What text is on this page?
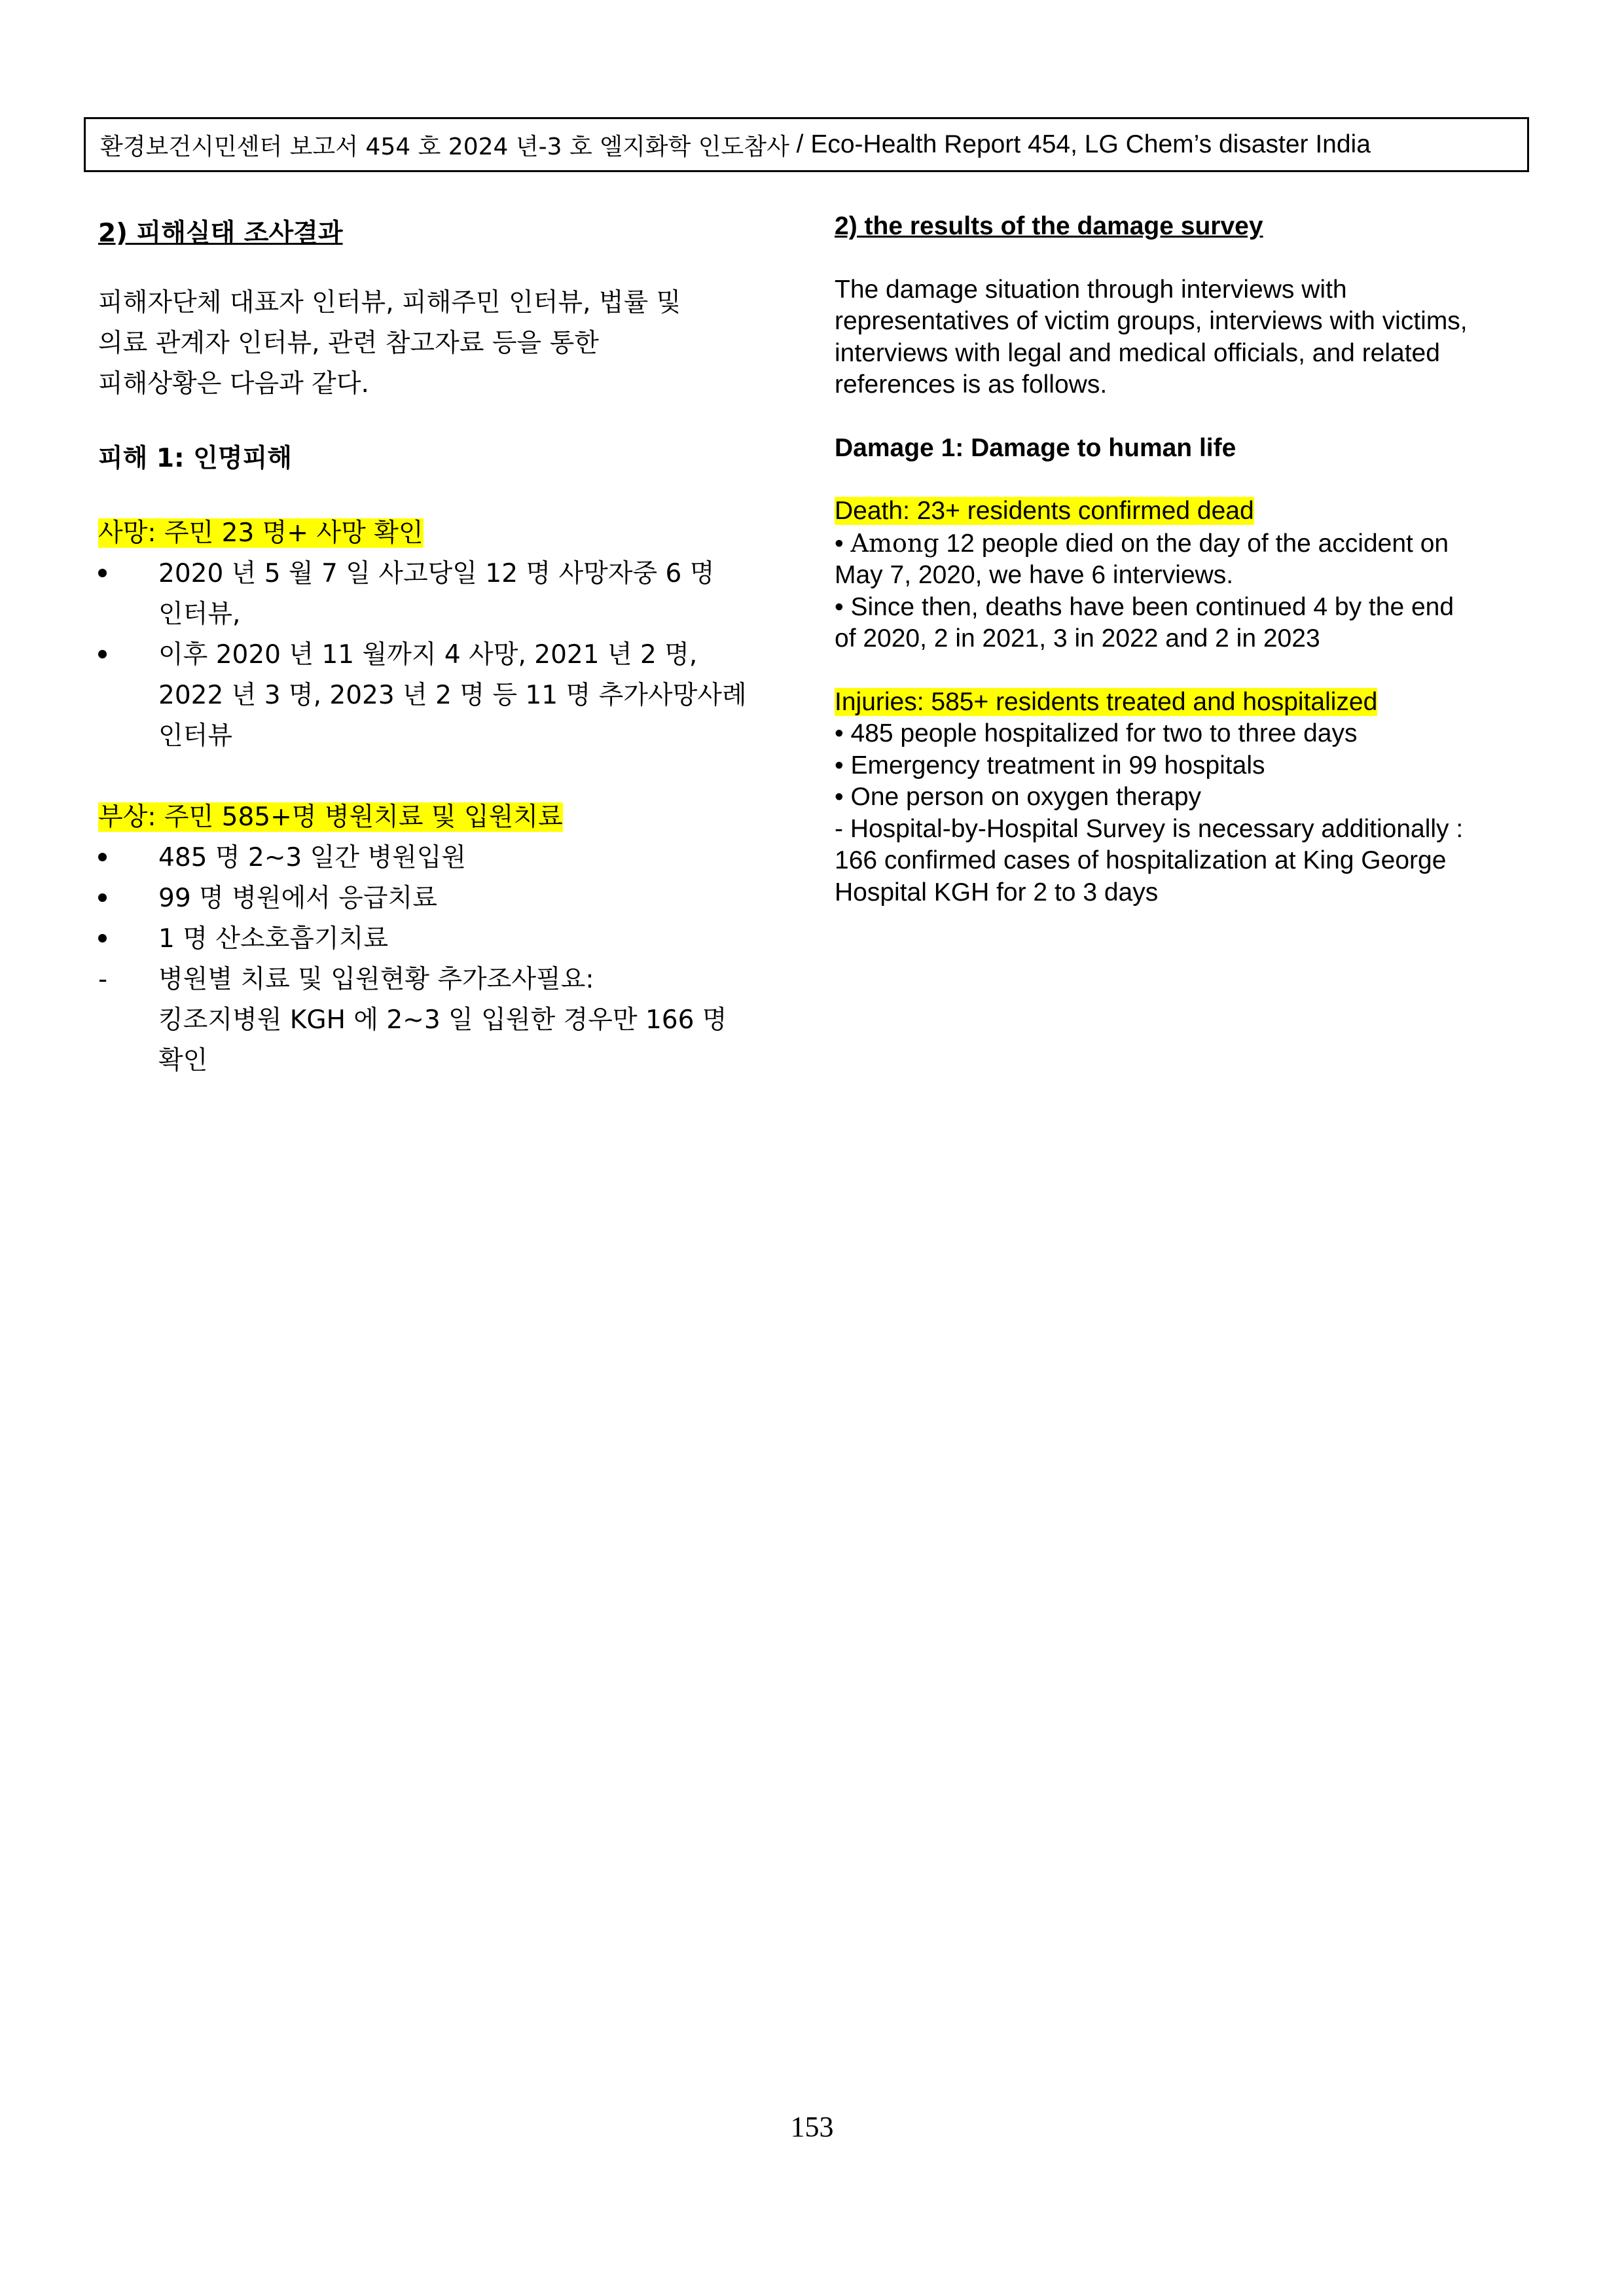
환경보건시민센터 보고서 454 호 2024 년-3 호 엘지화학 인도참사 / Eco-Health Report 454, LG Chem’s disaster India

2) 피해실태 조사결과

피해자단체 대표자 인터뷰, 피해주민 인터뷰, 법률 및

의료 관계자 인터뷰, 관련 참고자료 등을 통한

피해상황은 다음과 같다.

피해 1: 인명피해

사망: 주민 23 명+ 사망 확인

2020 년 5 월 7 일 사고당일 12 명 사망자중 6 명
인터뷰,
이후 2020 년 11 월까지 4 사망, 2021 년 2 명,
2022 년 3 명, 2023 년 2 명 등 11 명 추가사망사례
인터뷰

부상: 주민 585+명 병원치료 및 입원치료

485 명 2~3 일간 병원입원
99 명 병원에서 응급치료
1 명 산소호흡기치료
-	병원별 치료 및 입원현황 추가조사필요:
킹조지병원 KGH 에 2~3 일 입원한 경우만 166 명
확인

2) the results of the damage survey

The damage situation through interviews with

representatives of victim groups, interviews with victims,

interviews with legal and medical officials, and related

references is as follows.

Damage 1: Damage to human life

Death: 23+ residents confirmed dead

• Among 12 people died on the day of the accident on

May 7, 2020, we have 6 interviews.

• Since then, deaths have been continued 4 by the end

of 2020, 2 in 2021, 3 in 2022 and 2 in 2023

Injuries: 585+ residents treated and hospitalized

• 485 people hospitalized for two to three days

• Emergency treatment in 99 hospitals

• One person on oxygen therapy

- Hospital-by-Hospital Survey is necessary additionally :

166 confirmed cases of hospitalization at King George

Hospital KGH for 2 to 3 days

153
